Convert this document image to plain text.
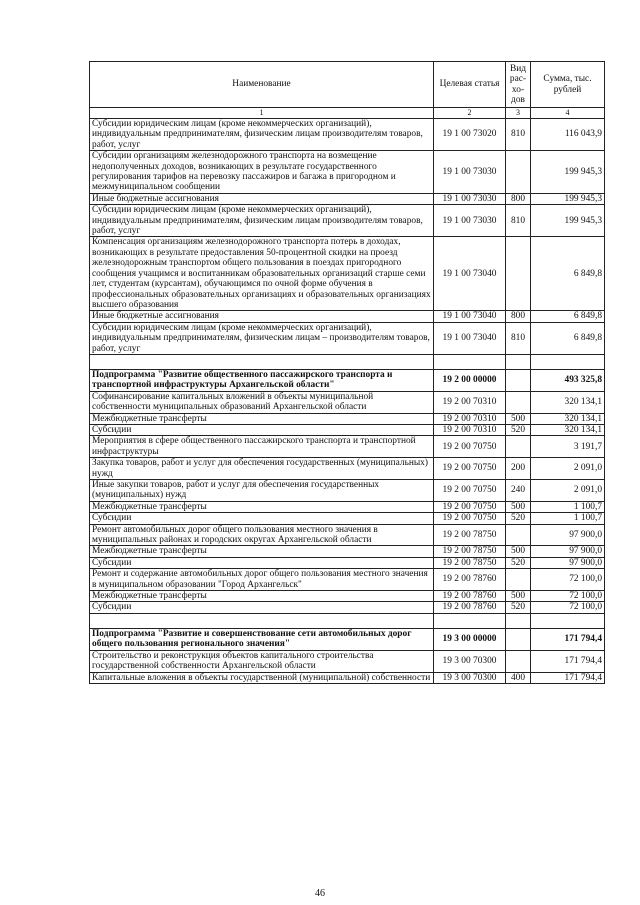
Наименование	Целевая статья	Вид рас- хо- дов	Сумма, тыс. рублей
1	2	3	4
Субсидии юридическим лицам (кроме некоммерческих организаций), индивидуальным предпринимателям, физическим лицам производителям товаров, работ, услуг	19 1 00 73020	810	116 043,9
Субсидии организациям железнодорожного транспорта на возмещение недополученных доходов, возникающих в результате государственного регулирования тарифов на перевозку пассажиров и багажа в пригородном и межмуниципальном сообщении	19 1 00 73030		199 945,3
Иные бюджетные ассигнования	19 1 00 73030	800	199 945,3
Субсидии юридическим лицам (кроме некоммерческих организаций), индивидуальным предпринимателям, физическим лицам производителям товаров, работ, услуг	19 1 00 73030	810	199 945,3
Компенсация организациям железнодорожного транспорта потерь в доходах, возникающих в результате предоставления 50-процентной скидки на проезд железнодорожным транспортом общего пользования в поездах пригородного сообщения учащимся и воспитанникам образовательных организаций старше семи лет, студентам (курсантам), обучающимся по очной форме обучения в профессиональных образовательных организациях и образовательных организациях высшего образования	19 1 00 73040		6 849,8
Иные бюджетные ассигнования	19 1 00 73040	800	6 849,8
Субсидии юридическим лицам (кроме некоммерческих организаций), индивидуальным предпринимателям, физическим лицам – производителям товаров, работ, услуг	19 1 00 73040	810	6 849,8

Подпрограмма "Развитие общественного пассажирского транспорта и транспортной инфраструктуры Архангельской области"	19 2 00 00000		493 325,8
Софинансирование капитальных вложений в объекты муниципальной собственности муниципальных образований Архангельской области	19 2 00 70310		320 134,1
Межбюджетные трансферты	19 2 00 70310	500	320 134,1
Субсидии	19 2 00 70310	520	320 134,1
Мероприятия в сфере общественного пассажирского транспорта и транспортной инфраструктуры	19 2 00 70750		3 191,7
Закупка товаров, работ и услуг для обеспечения государственных (муниципальных) нужд	19 2 00 70750	200	2 091,0
Иные закупки товаров, работ и услуг для обеспечения государственных (муниципальных) нужд	19 2 00 70750	240	2 091,0
Межбюджетные трансферты	19 2 00 70750	500	1 100,7
Субсидии	19 2 00 70750	520	1 100,7
Ремонт автомобильных дорог общего пользования местного значения в муниципальных районах и городских округах Архангельской области	19 2 00 78750		97 900,0
Межбюджетные трансферты	19 2 00 78750	500	97 900,0
Субсидии	19 2 00 78750	520	97 900,0
Ремонт и содержание автомобильных дорог общего пользования местного значения в муниципальном образовании "Город Архангельск"	19 2 00 78760		72 100,0
Межбюджетные трансферты	19 2 00 78760	500	72 100,0
Субсидии	19 2 00 78760	520	72 100,0

Подпрограмма "Развитие и совершенствование сети автомобильных дорог общего пользования регионального значения"	19 3 00 00000		171 794,4
Строительство и реконструкция объектов капитального строительства государственной собственности Архангельской области	19 3 00 70300		171 794,4
Капитальные вложения в объекты государственной (муниципальной) собственности	19 3 00 70300	400	171 794,4
46
